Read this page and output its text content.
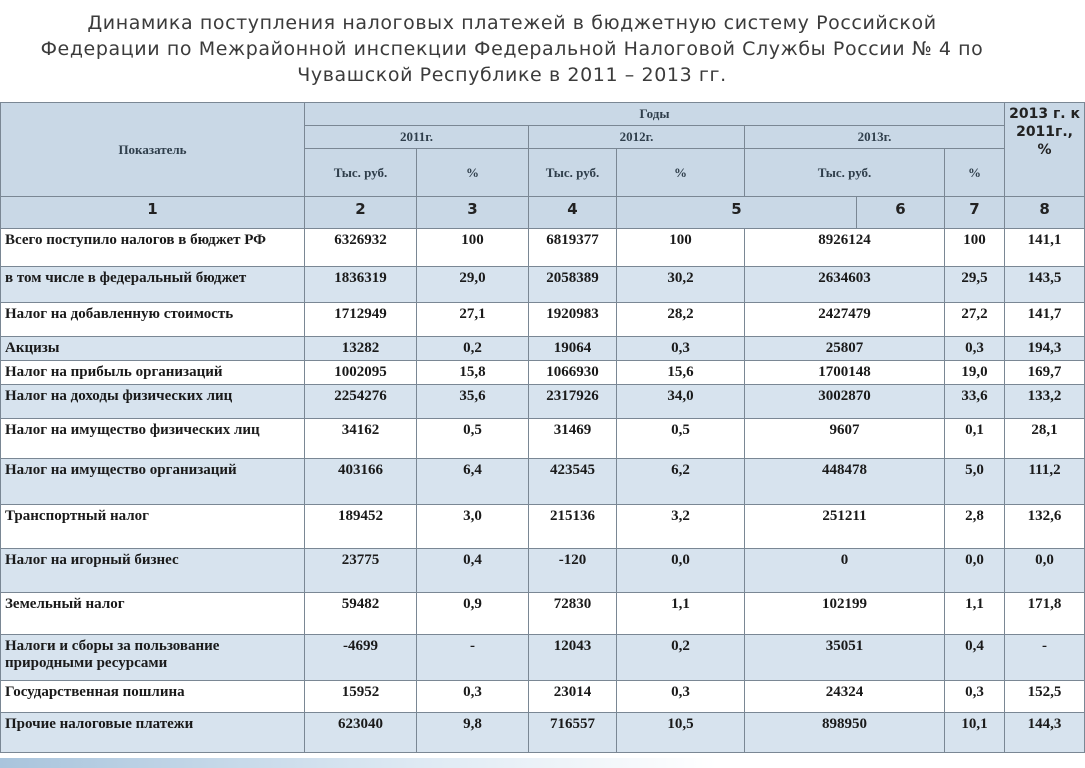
Динамика поступления налоговых платежей в бюджетную систему Российской Федерации по Межрайонной инспекции Федеральной Налоговой Службы России № 4 по Чувашской Республике в 2011 – 2013 гг.
Показатель	Годы							2013 г. к 2011г., %
	2011г.		2012г.		2013г.			
	Тыс. руб.	%	Тыс. руб.	%	Тыс. руб.		%	
1	2	3	4	5		6	7	8
Всего поступило налогов в бюджет РФ	6326932	100	6819377	100	8926124		100	141,1
в том числе в федеральный бюджет	1836319	29,0	2058389	30,2	2634603		29,5	143,5
Налог на добавленную стоимость	1712949	27,1	1920983	28,2	2427479		27,2	141,7
Акцизы	13282	0,2	19064	0,3	25807		0,3	194,3
Налог на прибыль организаций	1002095	15,8	1066930	15,6	1700148		19,0	169,7
Налог на доходы физических лиц	2254276	35,6	2317926	34,0	3002870		33,6	133,2
Налог на имущество физических лиц	34162	0,5	31469	0,5	9607		0,1	28,1
Налог на имущество организаций	403166	6,4	423545	6,2	448478		5,0	111,2
Транспортный налог	189452	3,0	215136	3,2	251211		2,8	132,6
Налог на игорный бизнес	23775	0,4	-120	0,0	0		0,0	0,0
Земельный налог	59482	0,9	72830	1,1	102199		1,1	171,8
Налоги и сборы за пользование природными ресурсами	-4699	-	12043	0,2	35051		0,4	-
Государственная пошлина	15952	0,3	23014	0,3	24324		0,3	152,5
Прочие налоговые платежи	623040	9,8	716557	10,5	898950		10,1	144,3
